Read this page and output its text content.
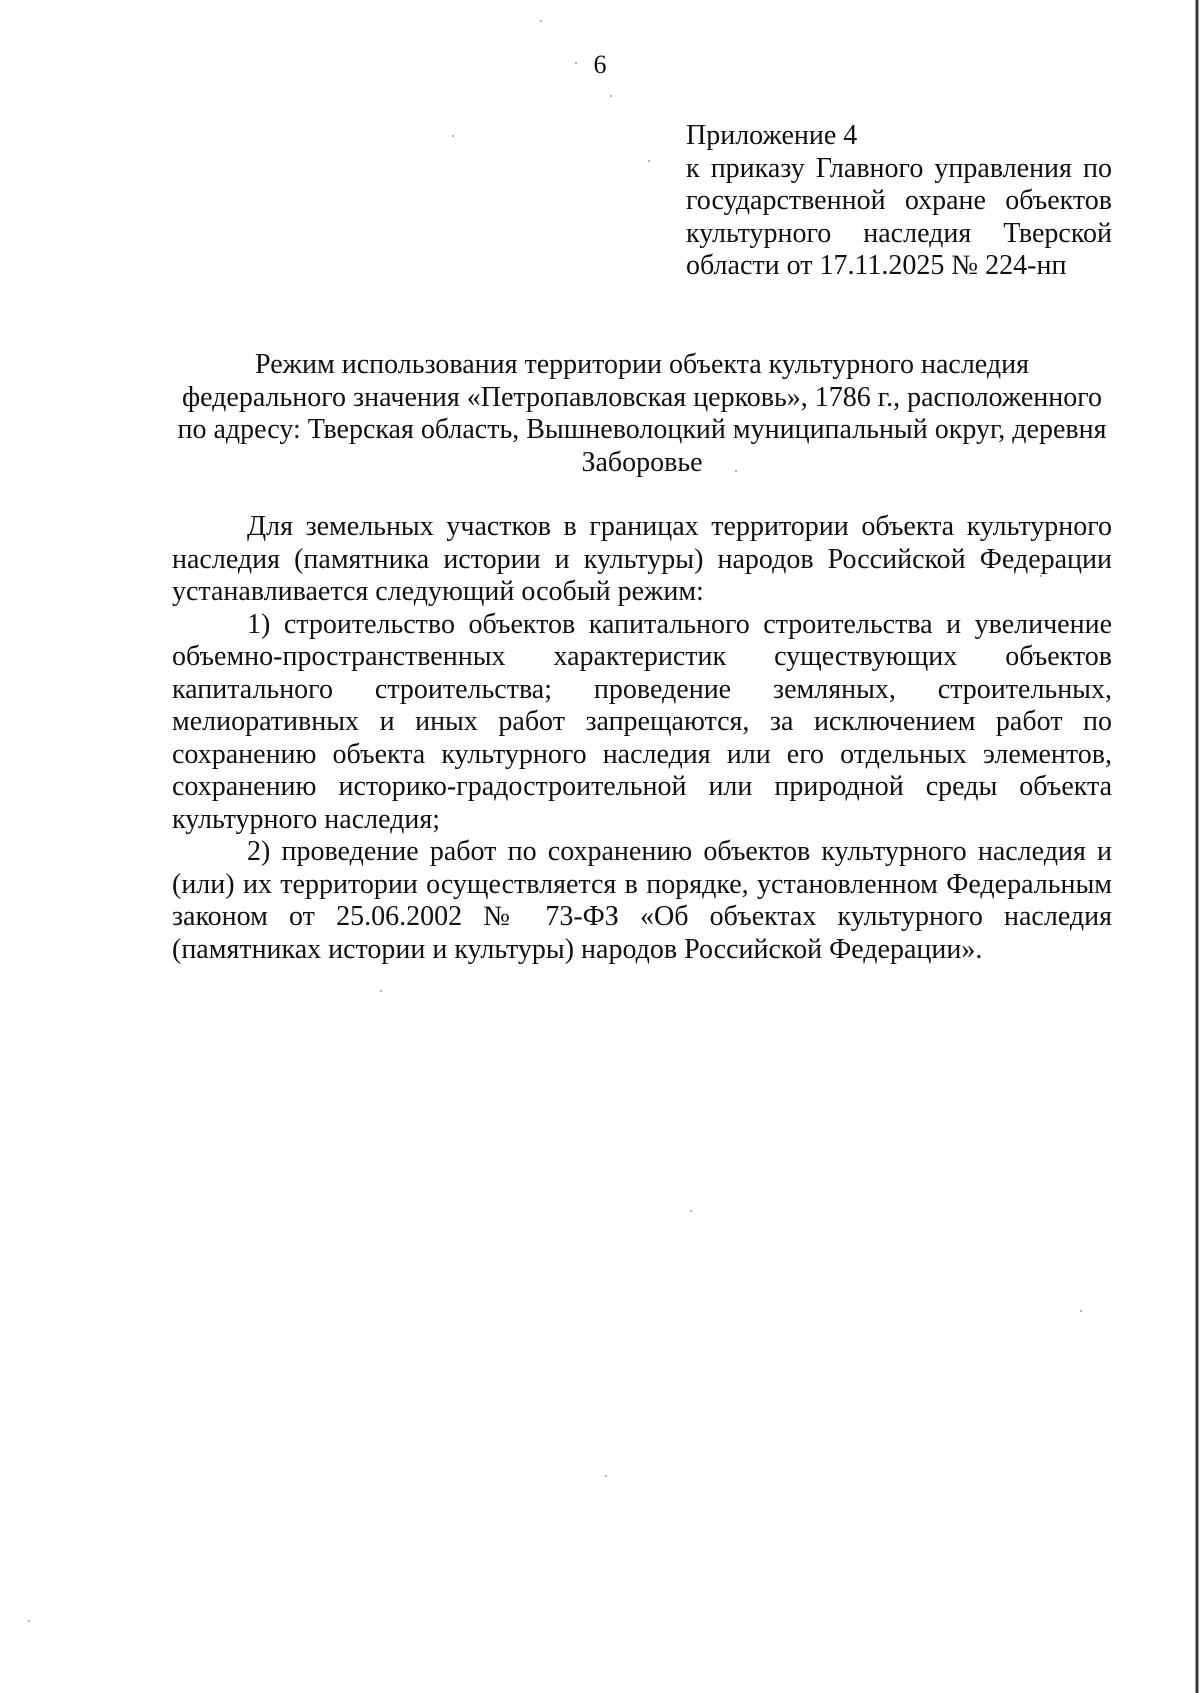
6
Приложение 4
к приказу Главного управления по государственной охране объектов культурного наследия Тверской области от 17.11.2025 № 224-нп
Режим использования территории объекта культурного наследия федерального значения «Петропавловская церковь», 1786 г., расположенного по адресу: Тверская область, Вышневолоцкий муниципальный округ, деревня Заборовье

Для земельных участков в границах территории объекта культурного наследия (памятника истории и культуры) народов Российской Федерации устанавливается следующий особый режим:

1) строительство объектов капитального строительства и увеличение объемно-пространственных характеристик существующих объектов капитального строительства; проведение земляных, строительных, мелиоративных и иных работ запрещаются, за исключением работ по сохранению объекта культурного наследия или его отдельных элементов, сохранению историко-градостроительной или природной среды объекта культурного наследия;

2) проведение работ по сохранению объектов культурного наследия и (или) их территории осуществляется в порядке, установленном Федеральным законом от 25.06.2002 № 73-ФЗ «Об объектах культурного наследия (памятниках истории и культуры) народов Российской Федерации».
